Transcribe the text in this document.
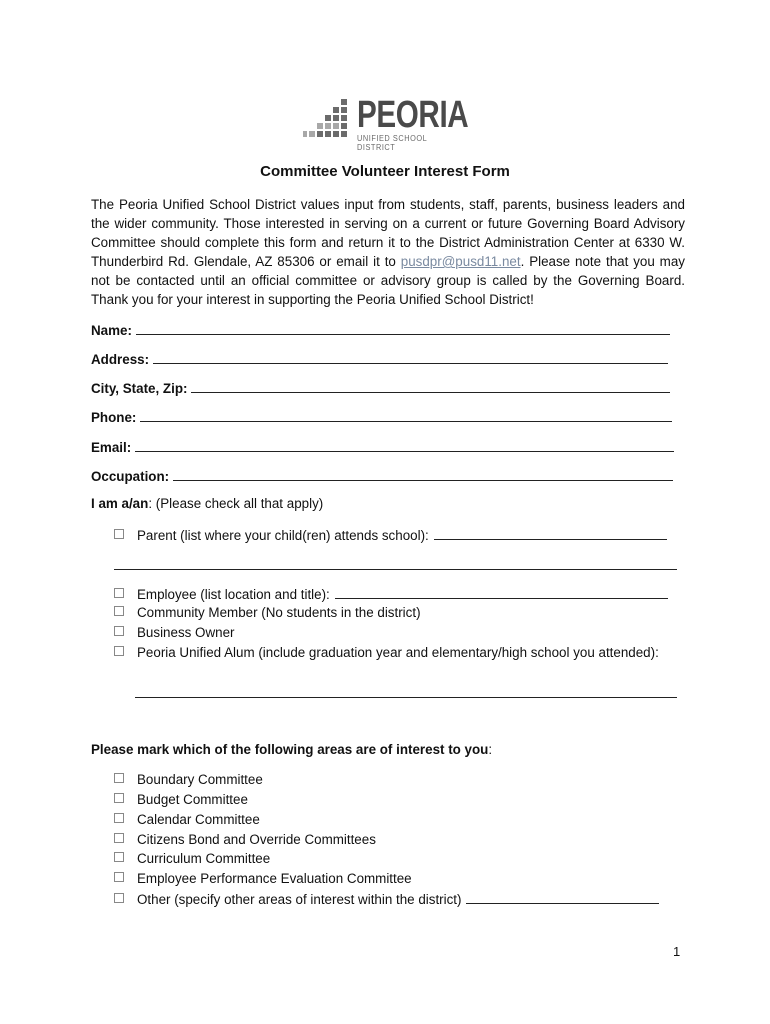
PEORIA
UNIFIED SCHOOL DISTRICT
Committee Volunteer Interest Form
The Peoria Unified School District values input from students, staff, parents, business leaders and the wider community. Those interested in serving on a current or future Governing Board Advisory Committee should complete this form and return it to the District Administration Center at 6330 W. Thunderbird Rd. Glendale, AZ 85306 or email it to pusdpr@pusd11.net. Please note that you may not be contacted until an official committee or advisory group is called by the Governing Board. Thank you for your interest in supporting the Peoria Unified School District!
Name:
Address:
City, State, Zip:
Phone:
Email:
Occupation:
I am a/an: (Please check all that apply)
Parent (list where your child(ren) attends school):
Employee (list location and title):
Community Member (No students in the district)
Business Owner
Peoria Unified Alum (include graduation year and elementary/high school you attended):
Please mark which of the following areas are of interest to you:
Boundary Committee
Budget Committee
Calendar Committee
Citizens Bond and Override Committees
Curriculum Committee
Employee Performance Evaluation Committee
Other (specify other areas of interest within the district)
1
